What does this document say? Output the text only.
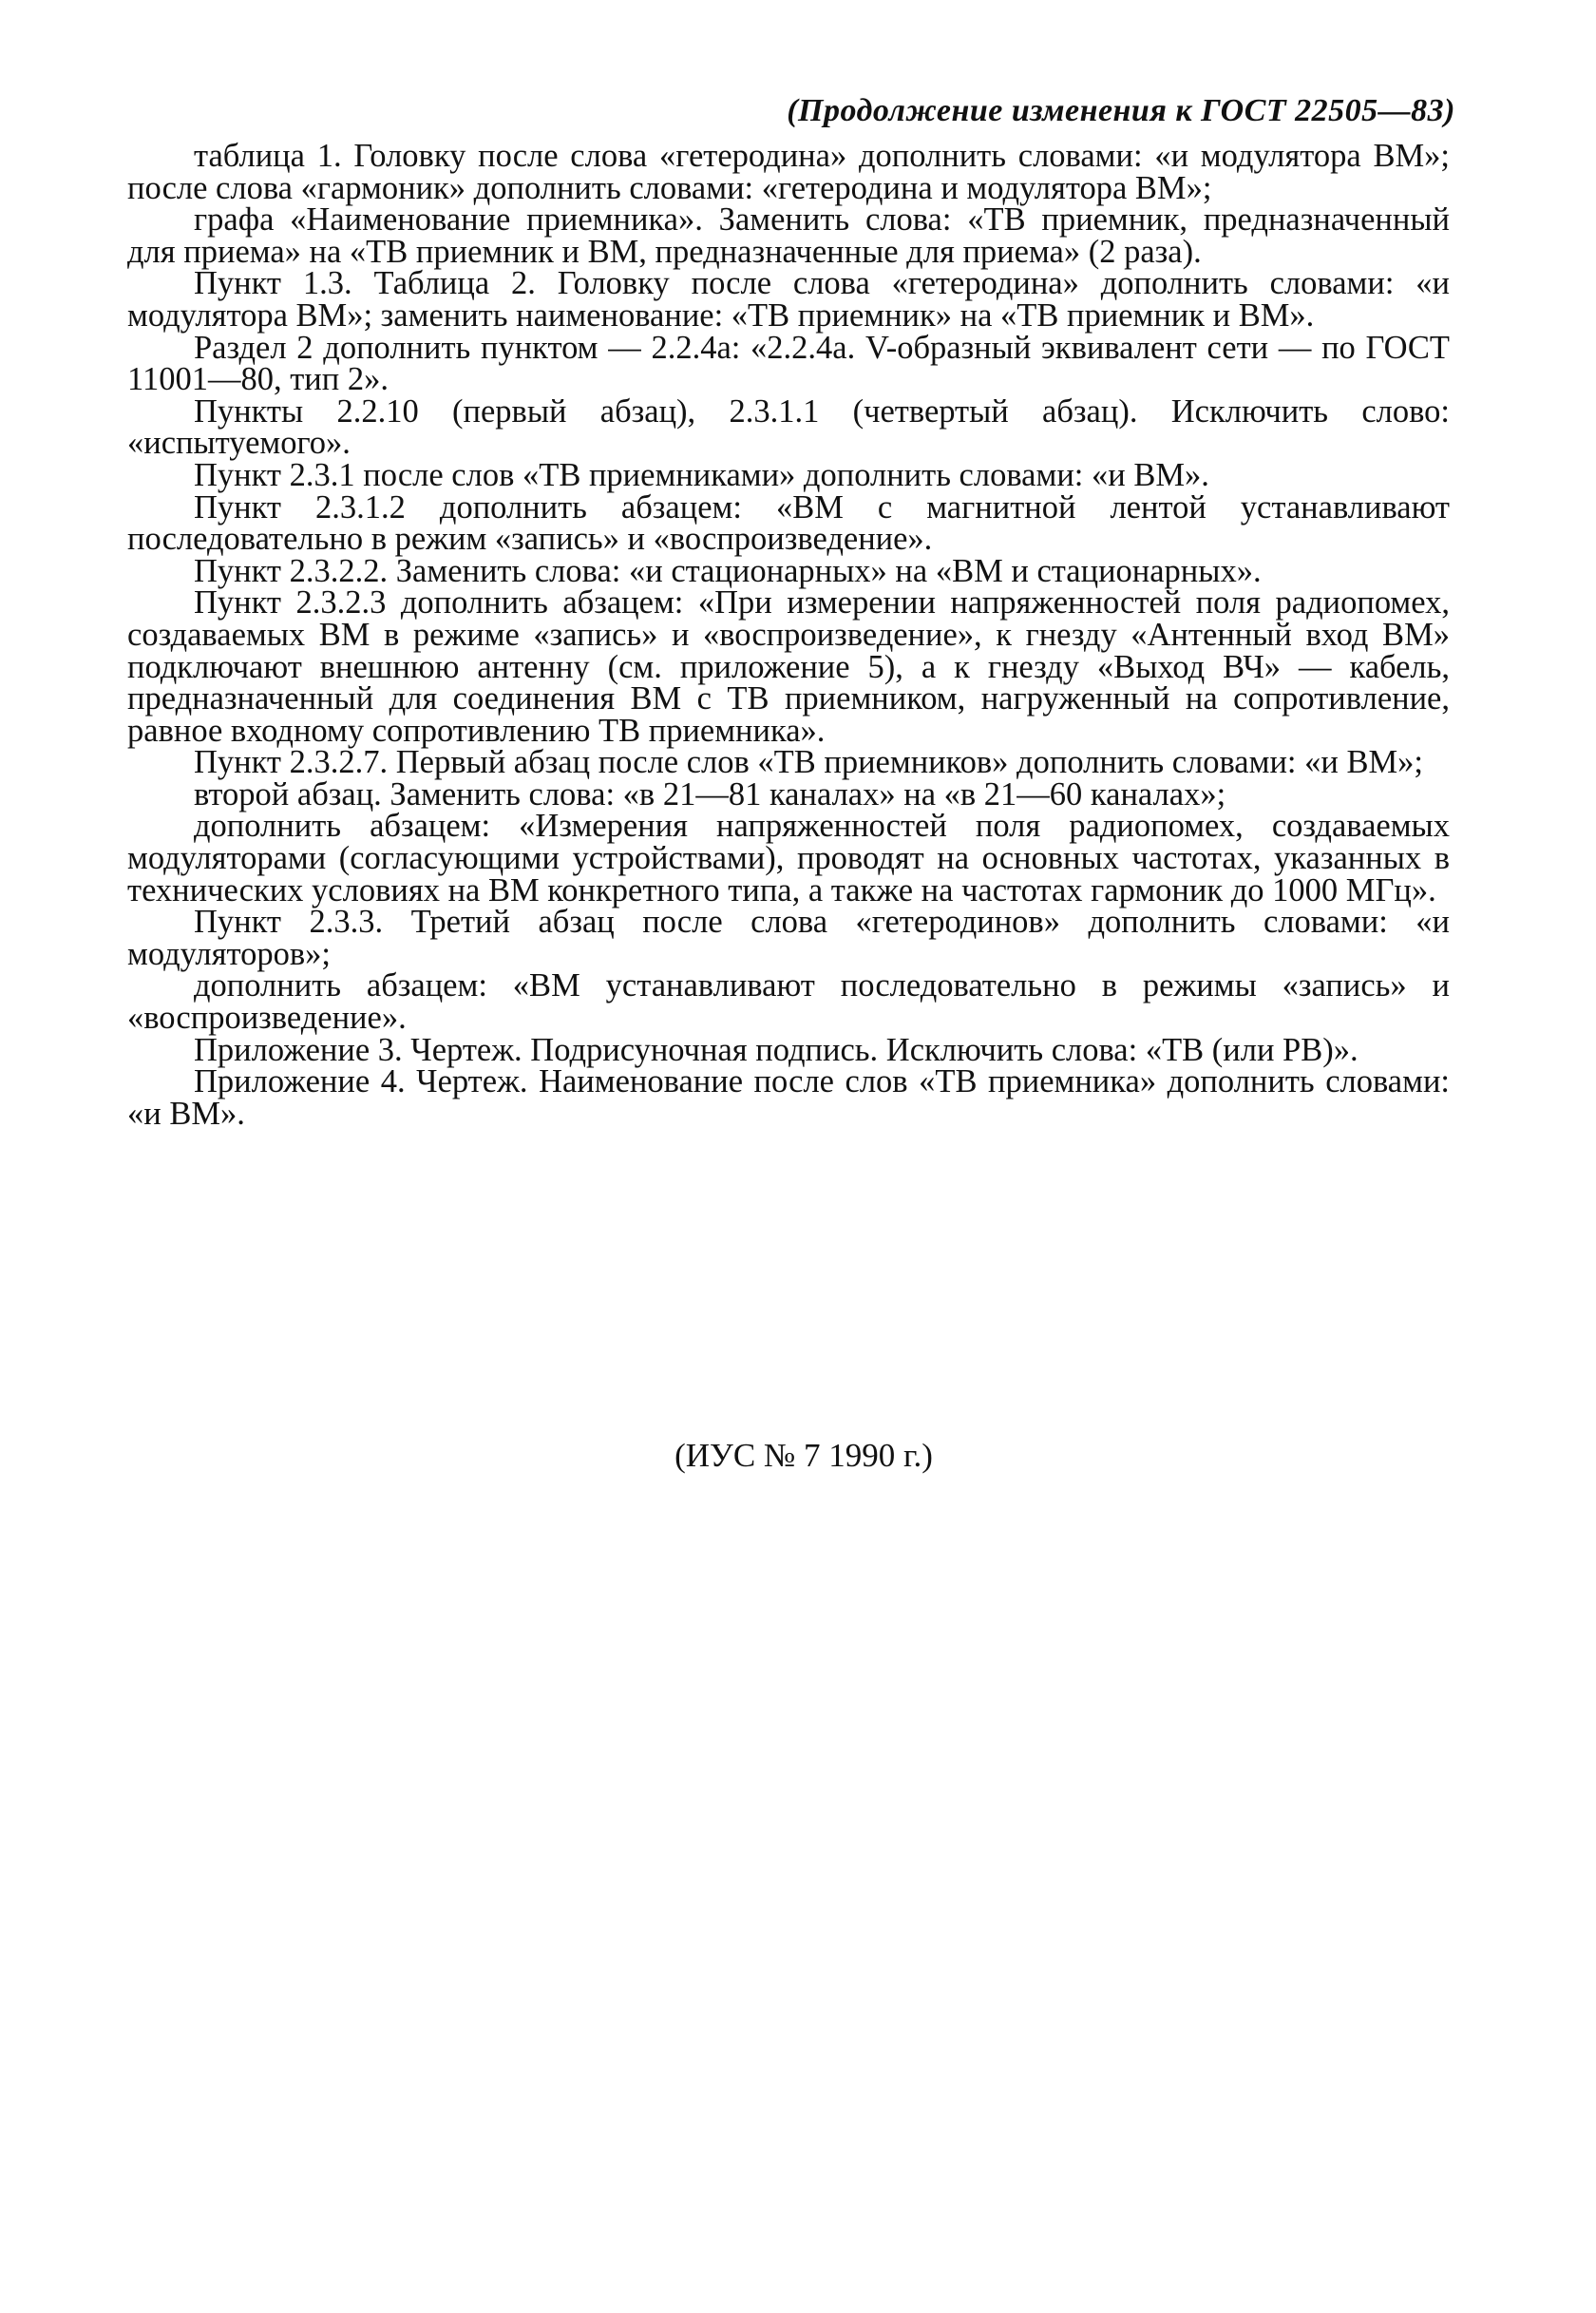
(Продолжение изменения к ГОСТ 22505—83)

таблица 1. Головку после слова «гетеродина» дополнить словами: «и модулятора ВМ»; после слова «гармоник» дополнить словами: «гетеродина и модулятора ВМ»;

графа «Наименование приемника». Заменить слова: «ТВ приемник, предназначенный для приема» на «ТВ приемник и ВМ, предназначенные для приема» (2 раза).

Пункт 1.3. Таблица 2. Головку после слова «гетеродина» дополнить словами: «и модулятора ВМ»; заменить наименование: «ТВ приемник» на «ТВ приемник и ВМ».

Раздел 2 дополнить пунктом — 2.2.4а: «2.2.4а. V-образный эквивалент сети — по ГОСТ 11001—80, тип 2».

Пункты 2.2.10 (первый абзац), 2.3.1.1 (четвертый абзац). Исключить слово: «испытуемого».

Пункт 2.3.1 после слов «ТВ приемниками» дополнить словами: «и ВМ».

Пункт 2.3.1.2 дополнить абзацем: «ВМ с магнитной лентой устанавливают последовательно в режим «запись» и «воспроизведение».

Пункт 2.3.2.2. Заменить слова: «и стационарных» на «ВМ и стационарных».

Пункт 2.3.2.3 дополнить абзацем: «При измерении напряженностей поля радиопомех, создаваемых ВМ в режиме «запись» и «воспроизведение», к гнезду «Антенный вход ВМ» подключают внешнюю антенну (см. приложение 5), а к гнезду «Выход ВЧ» — кабель, предназначенный для соединения ВМ с ТВ приемником, нагруженный на сопротивление, равное входному сопротивлению ТВ приемника».

Пункт 2.3.2.7. Первый абзац после слов «ТВ приемников» дополнить словами: «и ВМ»;

второй абзац. Заменить слова: «в 21—81 каналах» на «в 21—60 каналах»;

дополнить абзацем: «Измерения напряженностей поля радиопомех, создаваемых модуляторами (согласующими устройствами), проводят на основных частотах, указанных в технических условиях на ВМ конкретного типа, а также на частотах гармоник до 1000 МГц».

Пункт 2.3.3. Третий абзац после слова «гетеродинов» дополнить словами: «и модуляторов»;

дополнить абзацем: «ВМ устанавливают последовательно в режимы «запись» и «воспроизведение».

Приложение 3. Чертеж. Подрисуночная подпись. Исключить слова: «ТВ (или РВ)».

Приложение 4. Чертеж. Наименование после слов «ТВ приемника» дополнить словами: «и ВМ».

(ИУС № 7 1990 г.)
